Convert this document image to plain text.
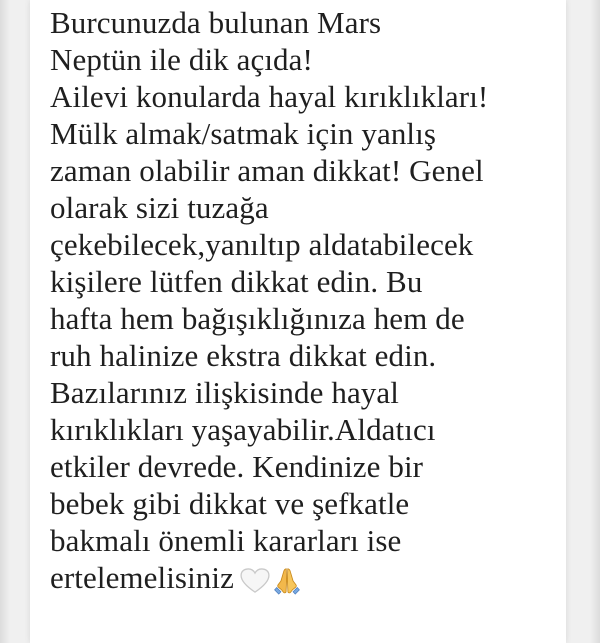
Burcunuzda bulunan Mars
Neptün ile dik açıda!
Ailevi konularda hayal kırıklıkları!
Mülk almak/satmak için yanlış
zaman olabilir aman dikkat! Genel
olarak sizi tuzağa
çekebilecek,yanıltıp aldatabilecek
kişilere lütfen dikkat edin. Bu
hafta hem bağışıklığınıza hem de
ruh halinize ekstra dikkat edin.
Bazılarınız ilişkisinde hayal
kırıklıkları yaşayabilir.Aldatıcı
etkiler devrede. Kendinize bir
bebek gibi dikkat ve şefkatle
bakmalı önemli kararları ise
ertelemelisiniz
